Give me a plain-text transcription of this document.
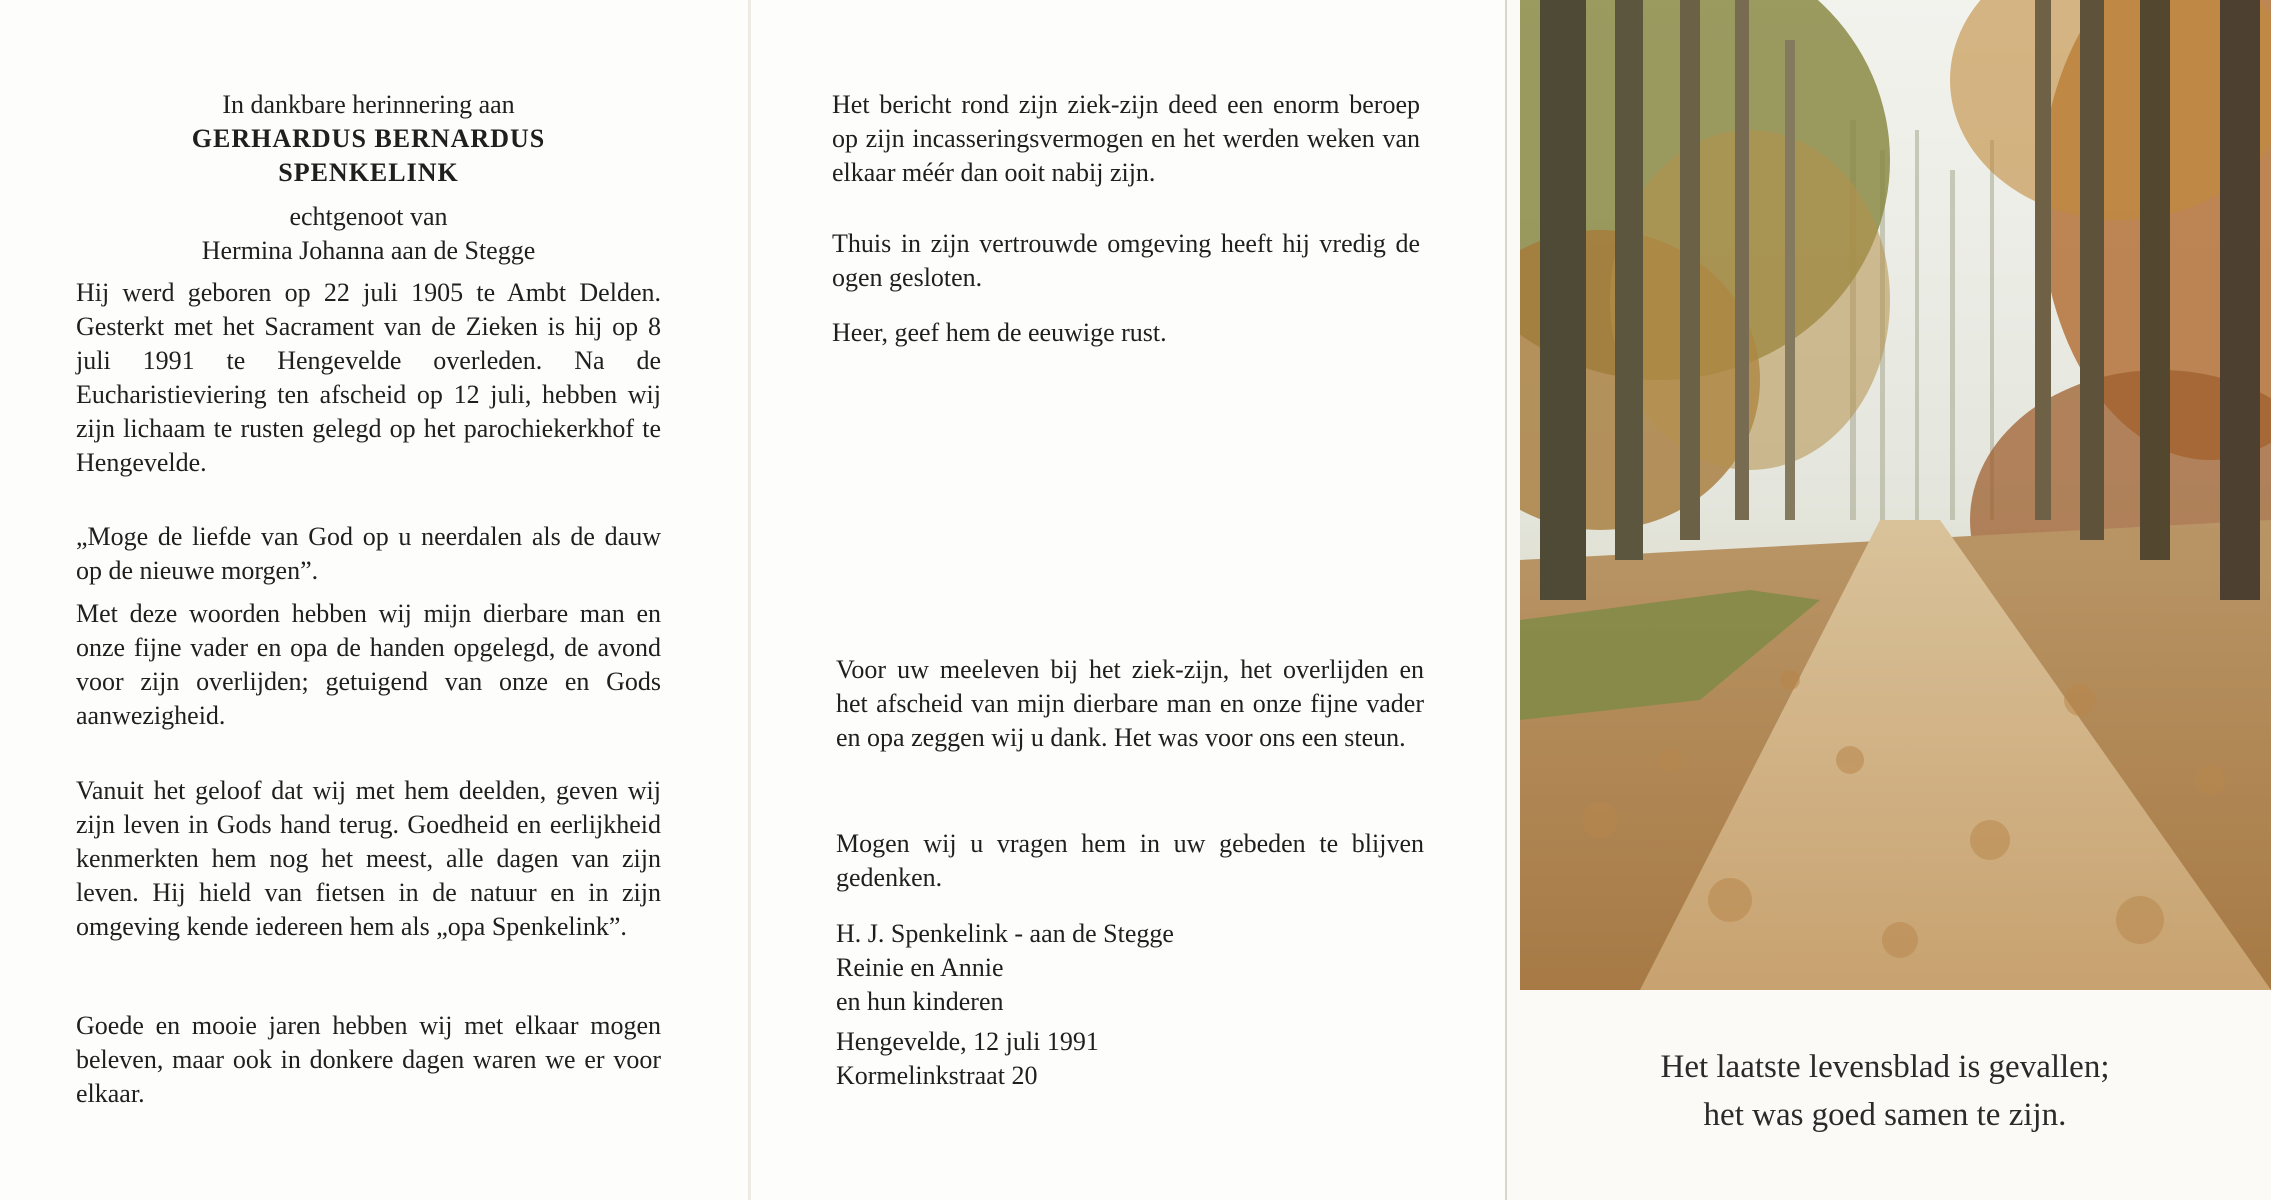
In dankbare herinnering aan

GERHARDUS BERNARDUS

SPENKELINK

echtgenoot van

Hermina Johanna aan de Stegge

Hij werd geboren op 22 juli 1905 te Ambt Delden. Gesterkt met het Sacrament van de Zieken is hij op 8 juli 1991 te Hengevelde overleden. Na de Eucharistieviering ten afscheid op 12 juli, hebben wij zijn lichaam te rusten gelegd op het parochiekerkhof te Hengevelde.
„Moge de liefde van God op u neerdalen als de dauw op de nieuwe morgen”.
Met deze woorden hebben wij mijn dierbare man en onze fijne vader en opa de handen opgelegd, de avond voor zijn overlijden; getuigend van onze en Gods aanwezigheid.
Vanuit het geloof dat wij met hem deelden, geven wij zijn leven in Gods hand terug. Goedheid en eerlijkheid kenmerkten hem nog het meest, alle dagen van zijn leven. Hij hield van fietsen in de natuur en in zijn omgeving kende iedereen hem als „opa Spenkelink”.
Goede en mooie jaren hebben wij met elkaar mogen beleven, maar ook in donkere dagen waren we er voor elkaar.
Het bericht rond zijn ziek-zijn deed een enorm beroep op zijn incasseringsvermogen en het werden weken van elkaar méér dan ooit nabij zijn.
Thuis in zijn vertrouwde omgeving heeft hij vredig de ogen gesloten.
Heer, geef hem de eeuwige rust.
Voor uw meeleven bij het ziek-zijn, het overlijden en het afscheid van mijn dierbare man en onze fijne vader en opa zeggen wij u dank. Het was voor ons een steun.
Mogen wij u vragen hem in uw gebeden te blijven gedenken.

H. J. Spenkelink - aan de Stegge

Reinie en Annie

en hun kinderen

Hengevelde, 12 juli 1991

Kormelinkstraat 20	Het laatste levensblad is gevallen;

het was goed samen te zijn.
